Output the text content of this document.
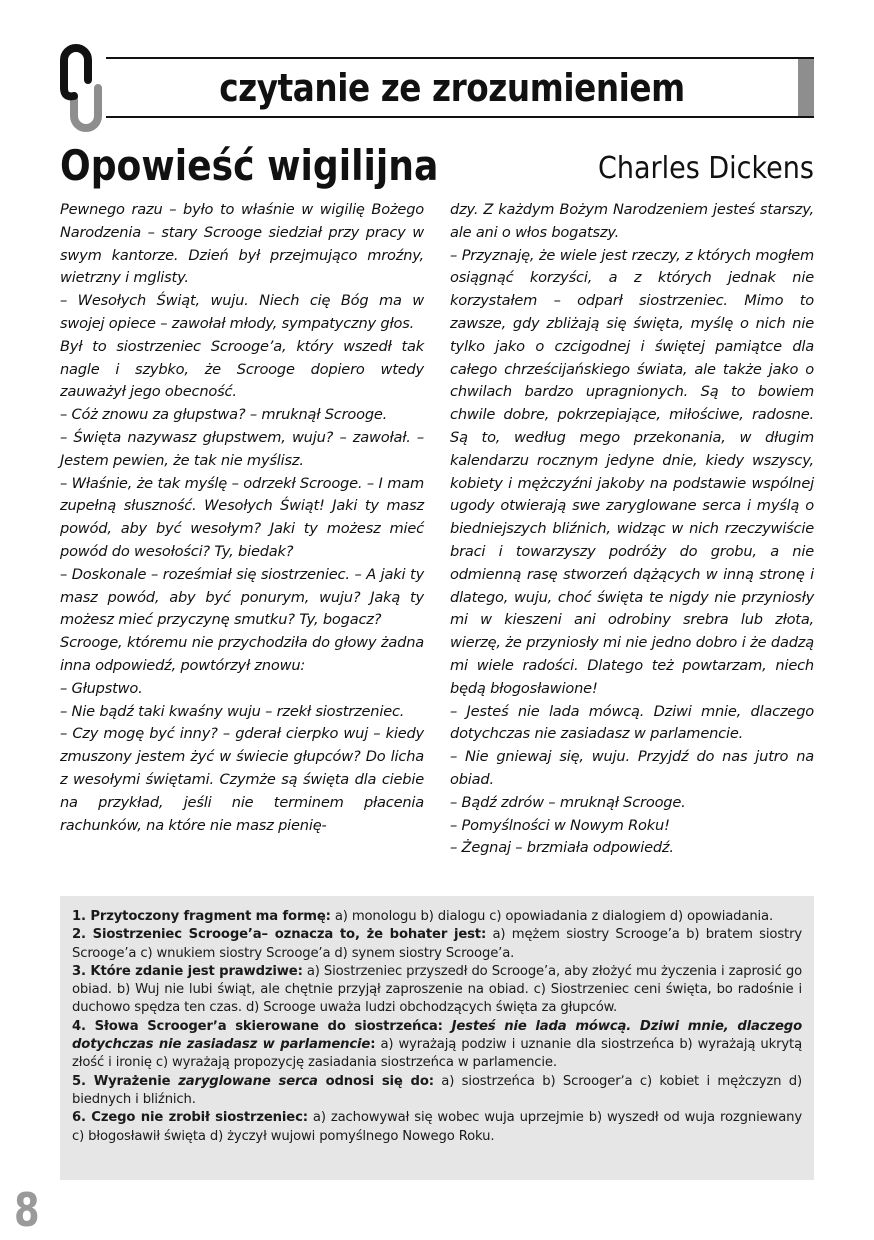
czytanie ze zrozumieniem
Opowieść wigilijna	Charles Dickens

Pewnego razu – było to właśnie w wigilię Bożego Narodzenia – stary Scrooge siedział przy pracy w swym kantorze. Dzień był przejmująco mroźny, wietrzny i mglisty.

– Wesołych Świąt, wuju. Niech cię Bóg ma w swojej opiece – zawołał młody, sympatyczny głos.

Był to siostrzeniec Scrooge’a, który wszedł tak nagle i szybko, że Scrooge dopiero wtedy zauważył jego obecność.

– Cóż znowu za głupstwa? – mruknął Scrooge.

– Święta nazywasz głupstwem, wuju? – zawołał. – Jestem pewien, że tak nie myślisz.

– Właśnie, że tak myślę – odrzekł Scrooge. – I mam zupełną słuszność. Wesołych Świąt! Jaki ty masz powód, aby być wesołym? Jaki ty możesz mieć powód do wesołości? Ty, biedak?

– Doskonale – roześmiał się siostrzeniec. – A jaki ty masz powód, aby być ponurym, wuju? Jaką ty możesz mieć przyczynę smutku? Ty, bogacz?

Scrooge, któremu nie przychodziła do głowy żadna inna odpowiedź, powtórzył znowu:

– Głupstwo.

– Nie bądź taki kwaśny wuju – rzekł siostrzeniec.

– Czy mogę być inny? – gderał cierpko wuj – kiedy zmuszony jestem żyć w świecie głupców? Do licha z wesołymi świętami. Czymże są święta dla ciebie na przykład, jeśli nie terminem płacenia rachunków, na które nie masz pienię-

dzy. Z każdym Bożym Narodzeniem jesteś starszy, ale ani o włos bogatszy.

– Przyznaję, że wiele jest rzeczy, z których mogłem osiągnąć korzyści, a z których jednak nie korzystałem – odparł siostrzeniec. Mimo to zawsze, gdy zbliżają się święta, myślę o nich nie tylko jako o czcigodnej i świętej pamiątce dla całego chrześcijańskiego świata, ale także jako o chwilach bardzo upragnionych. Są to bowiem chwile dobre, pokrzepiające, miłościwe, radosne. Są to, według mego przekonania, w długim kalendarzu rocznym jedyne dnie, kiedy wszyscy, kobiety i mężczyźni jakoby na podstawie wspólnej ugody otwierają swe zaryglowane serca i myślą o biedniejszych bliźnich, widząc w nich rzeczywiście braci i towarzyszy podróży do grobu, a nie odmienną rasę stworzeń dążących w inną stronę i dlatego, wuju, choć święta te nigdy nie przyniosły mi w kieszeni ani odrobiny srebra lub złota, wierzę, że przyniosły mi nie jedno dobro i że dadzą mi wiele radości. Dlatego też powtarzam, niech będą błogosławione!

– Jesteś nie lada mówcą. Dziwi mnie, dlaczego dotychczas nie zasiadasz w parlamencie.

– Nie gniewaj się, wuju. Przyjdź do nas jutro na obiad.

– Bądź zdrów – mruknął Scrooge.

– Pomyślności w Nowym Roku!

– Żegnaj – brzmiała odpowiedź.

1. Przytoczony fragment ma formę: a) monologu b) dialogu c) opowiadania z dialogiem d) opowiadania.

2. Siostrzeniec Scrooge’a– oznacza to, że bohater jest: a) mężem siostry Scrooge’a b) bratem siostry Scrooge’a c) wnukiem siostry Scrooge’a d) synem siostry Scrooge’a.

3. Które zdanie jest prawdziwe: a) Siostrzeniec przyszedł do Scrooge’a, aby złożyć mu życzenia i zaprosić go obiad. b) Wuj nie lubi świąt, ale chętnie przyjął zaproszenie na obiad. c) Siostrzeniec ceni święta, bo radośnie i duchowo spędza ten czas. d) Scrooge uważa ludzi obchodzących święta za głupców.

4. Słowa Scroogerʼa skierowane do siostrzeńca: Jesteś nie lada mówcą. Dziwi mnie, dlaczego dotychczas nie zasiadasz w parlamencie: a) wyrażają podziw i uznanie dla siostrzeńca b) wyrażają ukrytą złość i ironię c) wyrażają propozycję zasiadania siostrzeńca w parlamencie.

5. Wyrażenie zaryglowane serca odnosi się do: a) siostrzeńca b) Scroogerʼa c) kobiet i mężczyzn d) biednych i bliźnich.

6. Czego nie zrobił siostrzeniec: a) zachowywał się wobec wuja uprzejmie b) wyszedł od wuja rozgniewany c) błogosławił święta d) życzył wujowi pomyślnego Nowego Roku.

8
